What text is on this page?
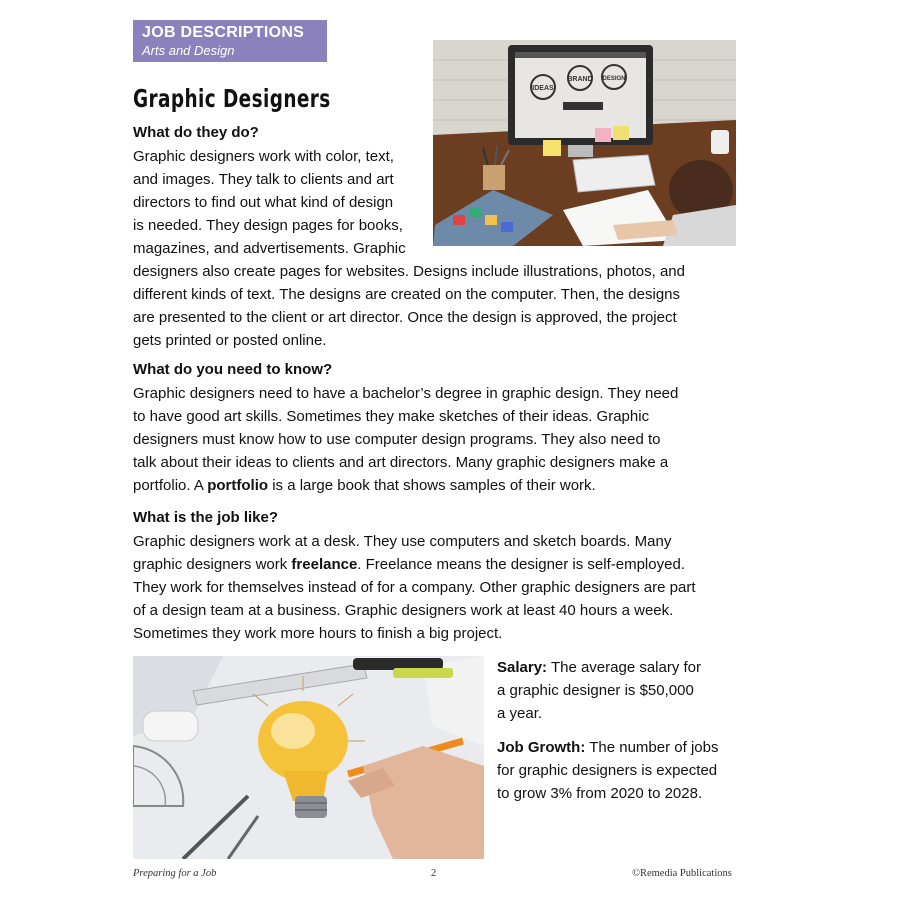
JOB DESCRIPTIONS
Arts and Design
Graphic Designers	IDEAS
BRAND DESIGN
What do they do?
Graphic designers work with color, text,
and images. They talk to clients and art
directors to find out what kind of design
is needed. They design pages for books,
magazines, and advertisements. Graphic
designers also create pages for websites. Designs include illustrations, photos, and
different kinds of text. The designs are created on the computer. Then, the designs
are presented to the client or art director. Once the design is approved, the project
gets printed or posted online.
What do you need to know?
Graphic designers need to have a bachelor’s degree in graphic design. They need
to have good art skills. Sometimes they make sketches of their ideas. Graphic
designers must know how to use computer design programs. They also need to
talk about their ideas to clients and art directors. Many graphic designers make a
portfolio. A portfolio is a large book that shows samples of their work.
What is the job like?
Graphic designers work at a desk. They use computers and sketch boards. Many
graphic designers work freelance. Freelance means the designer is self-employed.
They work for themselves instead of for a company. Other graphic designers are part
of a design team at a business. Graphic designers work at least 40 hours a week.
Sometimes they work more hours to finish a big project.
Salary: The average salary for
a graphic designer is $50,000
a year.
Job Growth: The number of jobs
for graphic designers is expected
to grow 3% from 2020 to 2028.
Preparing for a Job	2	©Remedia Publications
